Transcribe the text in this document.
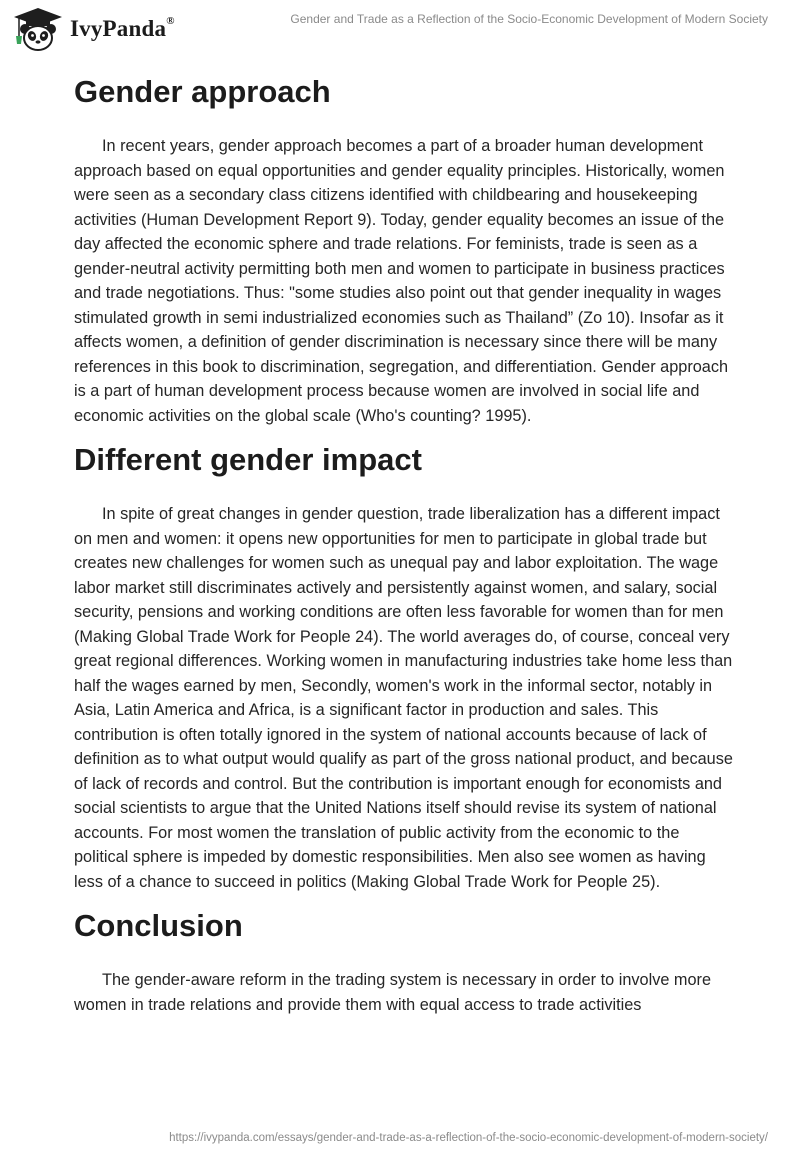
IvyPanda®	Gender and Trade as a Reflection of the Socio-Economic Development of Modern Society
Gender approach

In recent years, gender approach becomes a part of a broader human development approach based on equal opportunities and gender equality principles. Historically, women were seen as a secondary class citizens identified with childbearing and housekeeping activities (Human Development Report 9). Today, gender equality becomes an issue of the day affected the economic sphere and trade relations. For feminists, trade is seen as a gender-neutral activity permitting both men and women to participate in business practices and trade negotiations. Thus: "some studies also point out that gender inequality in wages stimulated growth in semi industrialized economies such as Thailand” (Zo 10). Insofar as it affects women, a definition of gender discrimination is necessary since there will be many references in this book to discrimination, segregation, and differentiation. Gender approach is a part of human development process because women are involved in social life and economic activities on the global scale (Who's counting? 1995).

Different gender impact

In spite of great changes in gender question, trade liberalization has a different impact on men and women: it opens new opportunities for men to participate in global trade but creates new challenges for women such as unequal pay and labor exploitation. The wage labor market still discriminates actively and persistently against women, and salary, social security, pensions and working conditions are often less favorable for women than for men (Making Global Trade Work for People 24). The world averages do, of course, conceal very great regional differences. Working women in manufacturing industries take home less than half the wages earned by men, Secondly, women's work in the informal sector, notably in Asia, Latin America and Africa, is a significant factor in production and sales. This contribution is often totally ignored in the system of national accounts because of lack of definition as to what output would qualify as part of the gross national product, and because of lack of records and control. But the contribution is important enough for economists and social scientists to argue that the United Nations itself should revise its system of national accounts. For most women the translation of public activity from the economic to the political sphere is impeded by domestic responsibilities. Men also see women as having less of a chance to succeed in politics (Making Global Trade Work for People 25).

Conclusion

The gender-aware reform in the trading system is necessary in order to involve more women in trade relations and provide them with equal access to trade activities

https://ivypanda.com/essays/gender-and-trade-as-a-reflection-of-the-socio-economic-development-of-modern-society/
